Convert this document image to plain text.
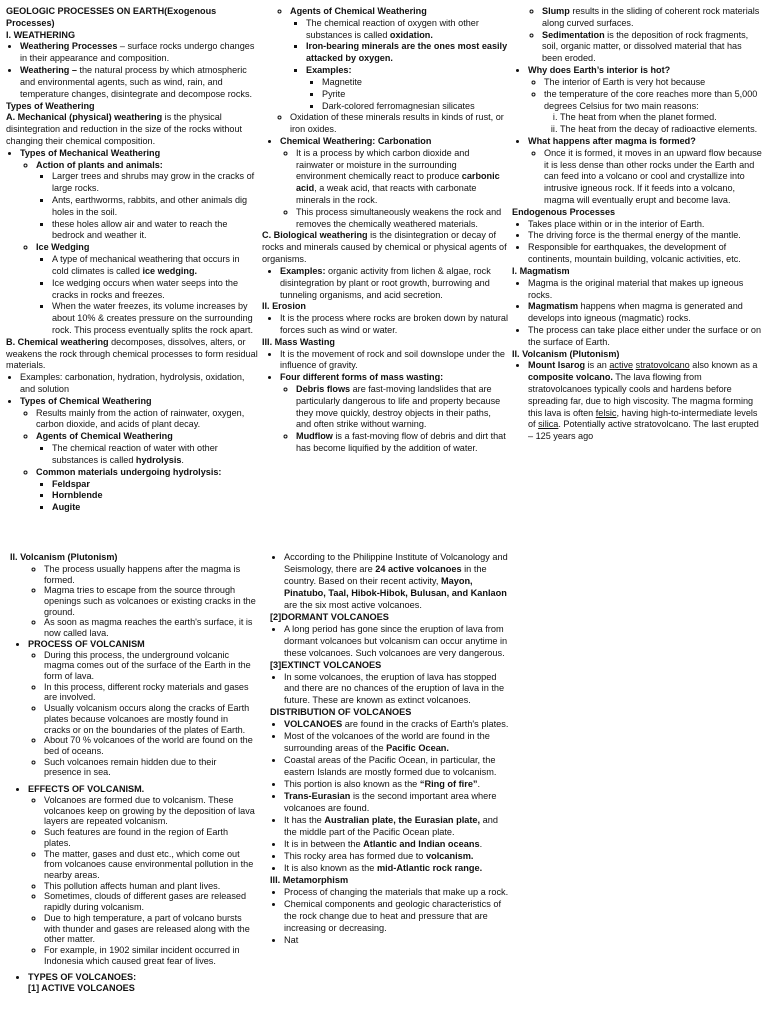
GEOLOGIC PROCESSES ON EARTH(Exogenous Processes)

I. WEATHERING

• Weathering Processes – surface rocks undergo changes in their appearance and composition.
• Weathering – the natural process by which atmospheric and environmental agents, such as wind, rain, and temperature changes, disintegrate and decompose rocks.

Types of Weathering

A. Mechanical (physical) weathering is the physical disintegration and reduction in the size of the rocks without changing their chemical composition.

• Types of Mechanical Weathering
◦ Action of plants and animals:
▪ Larger trees and shrubs may grow in the cracks of large rocks.
▪ Ants, earthworms, rabbits, and other animals dig holes in the soil.
▪ these holes allow air and water to reach the bedrock and weather it.
◦ Ice Wedging
▪ A type of mechanical weathering that occurs in cold climates is called ice wedging.
▪ Ice wedging occurs when water seeps into the cracks in rocks and freezes.
▪ When the water freezes, its volume increases by about 10% & creates pressure on the surrounding rock. This process eventually splits the rock apart.

B. Chemical weathering decomposes, dissolves, alters, or weakens the rock through chemical processes to form residual materials.

• Examples: carbonation, hydration, hydrolysis, oxidation, and solution
• Types of Chemical Weathering
◦ Results mainly from the action of rainwater, oxygen, carbon dioxide, and acids of plant decay.
◦ Agents of Chemical Weathering
▪ The chemical reaction of water with other substances is called hydrolysis.
◦ Common materials undergoing hydrolysis:
▪ Feldspar
▪ Hornblende
▪ Augite
◦ Agents of Chemical Weathering
▪ The chemical reaction of oxygen with other substances is called oxidation.
▪ Iron-bearing minerals are the ones most easily attacked by oxygen.
▪ Examples:
▪ Magnetite
▪ Pyrite
▪ Dark-colored ferromagnesian silicates
◦ Oxidation of these minerals results in kinds of rust, or iron oxides.
• Chemical Weathering: Carbonation
◦ It is a process by which carbon dioxide and rainwater or moisture in the surrounding environment chemically react to produce carbonic acid, a weak acid, that reacts with carbonate minerals in the rock.
◦ This process simultaneously weakens the rock and removes the chemically weathered materials.

C. Biological weathering is the disintegration or decay of rocks and minerals caused by chemical or physical agents of organisms.

• Examples: organic activity from lichen & algae, rock disintegration by plant or root growth, burrowing and tunneling organisms, and acid secretion.

II. Erosion

• It is the process where rocks are broken down by natural forces such as wind or water.

III. Mass Wasting

• It is the movement of rock and soil downslope under the influence of gravity.
• Four different forms of mass wasting:
◦ Debris flows are fast-moving landslides that are particularly dangerous to life and property because they move quickly, destroy objects in their paths, and often strike without warning.
◦ Mudflow is a fast-moving flow of debris and dirt that has become liquified by the addition of water.
◦ Slump results in the sliding of coherent rock materials along curved surfaces.
◦ Sedimentation is the deposition of rock fragments, soil, organic matter, or dissolved material that has been eroded.
• Why does Earth’s interior is hot?
◦ The interior of Earth is very hot because
◦ the temperature of the core reaches more than 5,000 degrees Celsius for two main reasons:
i. The heat from when the planet formed.
ii. The heat from the decay of radioactive elements.
• What happens after magma is formed?
◦ Once it is formed, it moves in an upward flow because it is less dense than other rocks under the Earth and can feed into a volcano or cool and crystallize into intrusive igneous rock. If it feeds into a volcano, magma will eventually erupt and become lava.

Endogenous Processes

• Takes place within or in the interior of Earth.
• The driving force is the thermal energy of the mantle.
• Responsible for earthquakes, the development of continents, mountain building, volcanic activities, etc.

I. Magmatism

• Magma is the original material that makes up igneous rocks.
• Magmatism happens when magma is generated and develops into igneous (magmatic) rocks.
• The process can take place either under the surface or on the surface of Earth.

II. Volcanism (Plutonism)

• Mount Isarog is an active stratovolcano also known as a composite volcano. The lava flowing from stratovolcanoes typically cools and hardens before spreading far, due to high viscosity. The magma forming this lava is often felsic, having high-to-intermediate levels of silica. Potentially active stratovolcano. The last erupted – 125 years ago

II. Volcanism (Plutonism)

◦ The process usually happens after the magma is formed.
◦ Magma tries to escape from the source through openings such as volcanoes or existing cracks in the ground.
◦ As soon as magma reaches the earth's surface, it is now called lava.
• PROCESS OF VOLCANISM
◦ During this process, the underground volcanic magma comes out of the surface of the Earth in the form of lava.
◦ In this process, different rocky materials and gases are involved.
◦ Usually volcanism occurs along the cracks of Earth plates because volcanoes are mostly found in cracks or on the boundaries of the plates of Earth.
◦ About 70 % volcanoes of the world are found on the bed of oceans.
◦ Such volcanoes remain hidden due to their presence in sea.
• EFFECTS OF VOLCANISM.
◦ Volcanoes are formed due to volcanism. These volcanoes keep on growing by the deposition of lava layers are repeated volcanism.
◦ Such features are found in the region of Earth plates.
◦ The matter, gases and dust etc., which come out from volcanoes cause environmental pollution in the nearby areas.
◦ This pollution affects human and plant lives.
◦ Sometimes, clouds of different gases are released rapidly during volcanism.
◦ Due to high temperature, a part of volcano bursts with thunder and gases are released along with the other matter.
◦ For example, in 1902 similar incident occurred in Indonesia which caused great fear of lives.
• TYPES OF VOLCANOES:
[1] ACTIVE VOLCANOES
• According to the Philippine Institute of Volcanology and Seismology, there are 24 active volcanoes in the country. Based on their recent activity, Mayon, Pinatubo, Taal, Hibok-Hibok, Bulusan, and Kanlaon are the six most active volcanoes.

[2]DORMANT VOLCANOES

• A long period has gone since the eruption of lava from dormant volcanoes but volcanism can occur anytime in these volcanoes. Such volcanoes are very dangerous.

[3]EXTINCT VOLCANOES

• In some volcanoes, the eruption of lava has stopped and there are no chances of the eruption of lava in the future. These are known as extinct volcanoes.

DISTRIBUTION OF VOLCANOES

• VOLCANOES are found in the cracks of Earth's plates.
• Most of the volcanoes of the world are found in the surrounding areas of the Pacific Ocean.
• Coastal areas of the Pacific Ocean, in particular, the eastern Islands are mostly formed due to volcanism.
• This portion is also known as the “Ring of fire”.
• Trans-Eurasian is the second important area where volcanoes are found.
• It has the Australian plate, the Eurasian plate, and the middle part of the Pacific Ocean plate.
• It is in between the Atlantic and Indian oceans.
• This rocky area has formed due to volcanism.
• It is also known as the mid-Atlantic rock range.

III. Metamorphism

• Process of changing the materials that make up a rock.
• Chemical components and geologic characteristics of the rock change due to heat and pressure that are increasing or decreasing.
• Nat
